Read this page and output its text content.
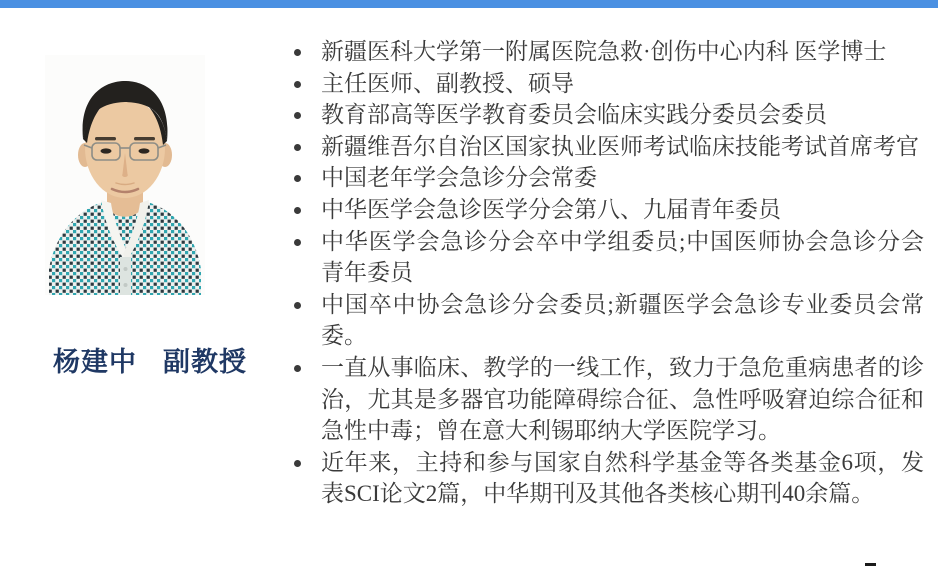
杨建中 副教授
新疆医科大学第一附属医院急救·创伤中心内科 医学博士
主任医师、副教授、硕导
教育部高等医学教育委员会临床实践分委员会委员
新疆维吾尔自治区国家执业医师考试临床技能考试首席考官
中国老年学会急诊分会常委
中华医学会急诊医学分会第八、九届青年委员
中华医学会急诊分会卒中学组委员;中国医师协会急诊分会青年委员
中国卒中协会急诊分会委员;新疆医学会急诊专业委员会常委。
一直从事临床、教学的一线工作，致力于急危重病患者的诊治，尤其是多器官功能障碍综合征、急性呼吸窘迫综合征和急性中毒；曾在意大利锡耶纳大学医院学习。
近年来，主持和参与国家自然科学基金等各类基金6项，发表SCI论文2篇，中华期刊及其他各类核心期刊40余篇。
